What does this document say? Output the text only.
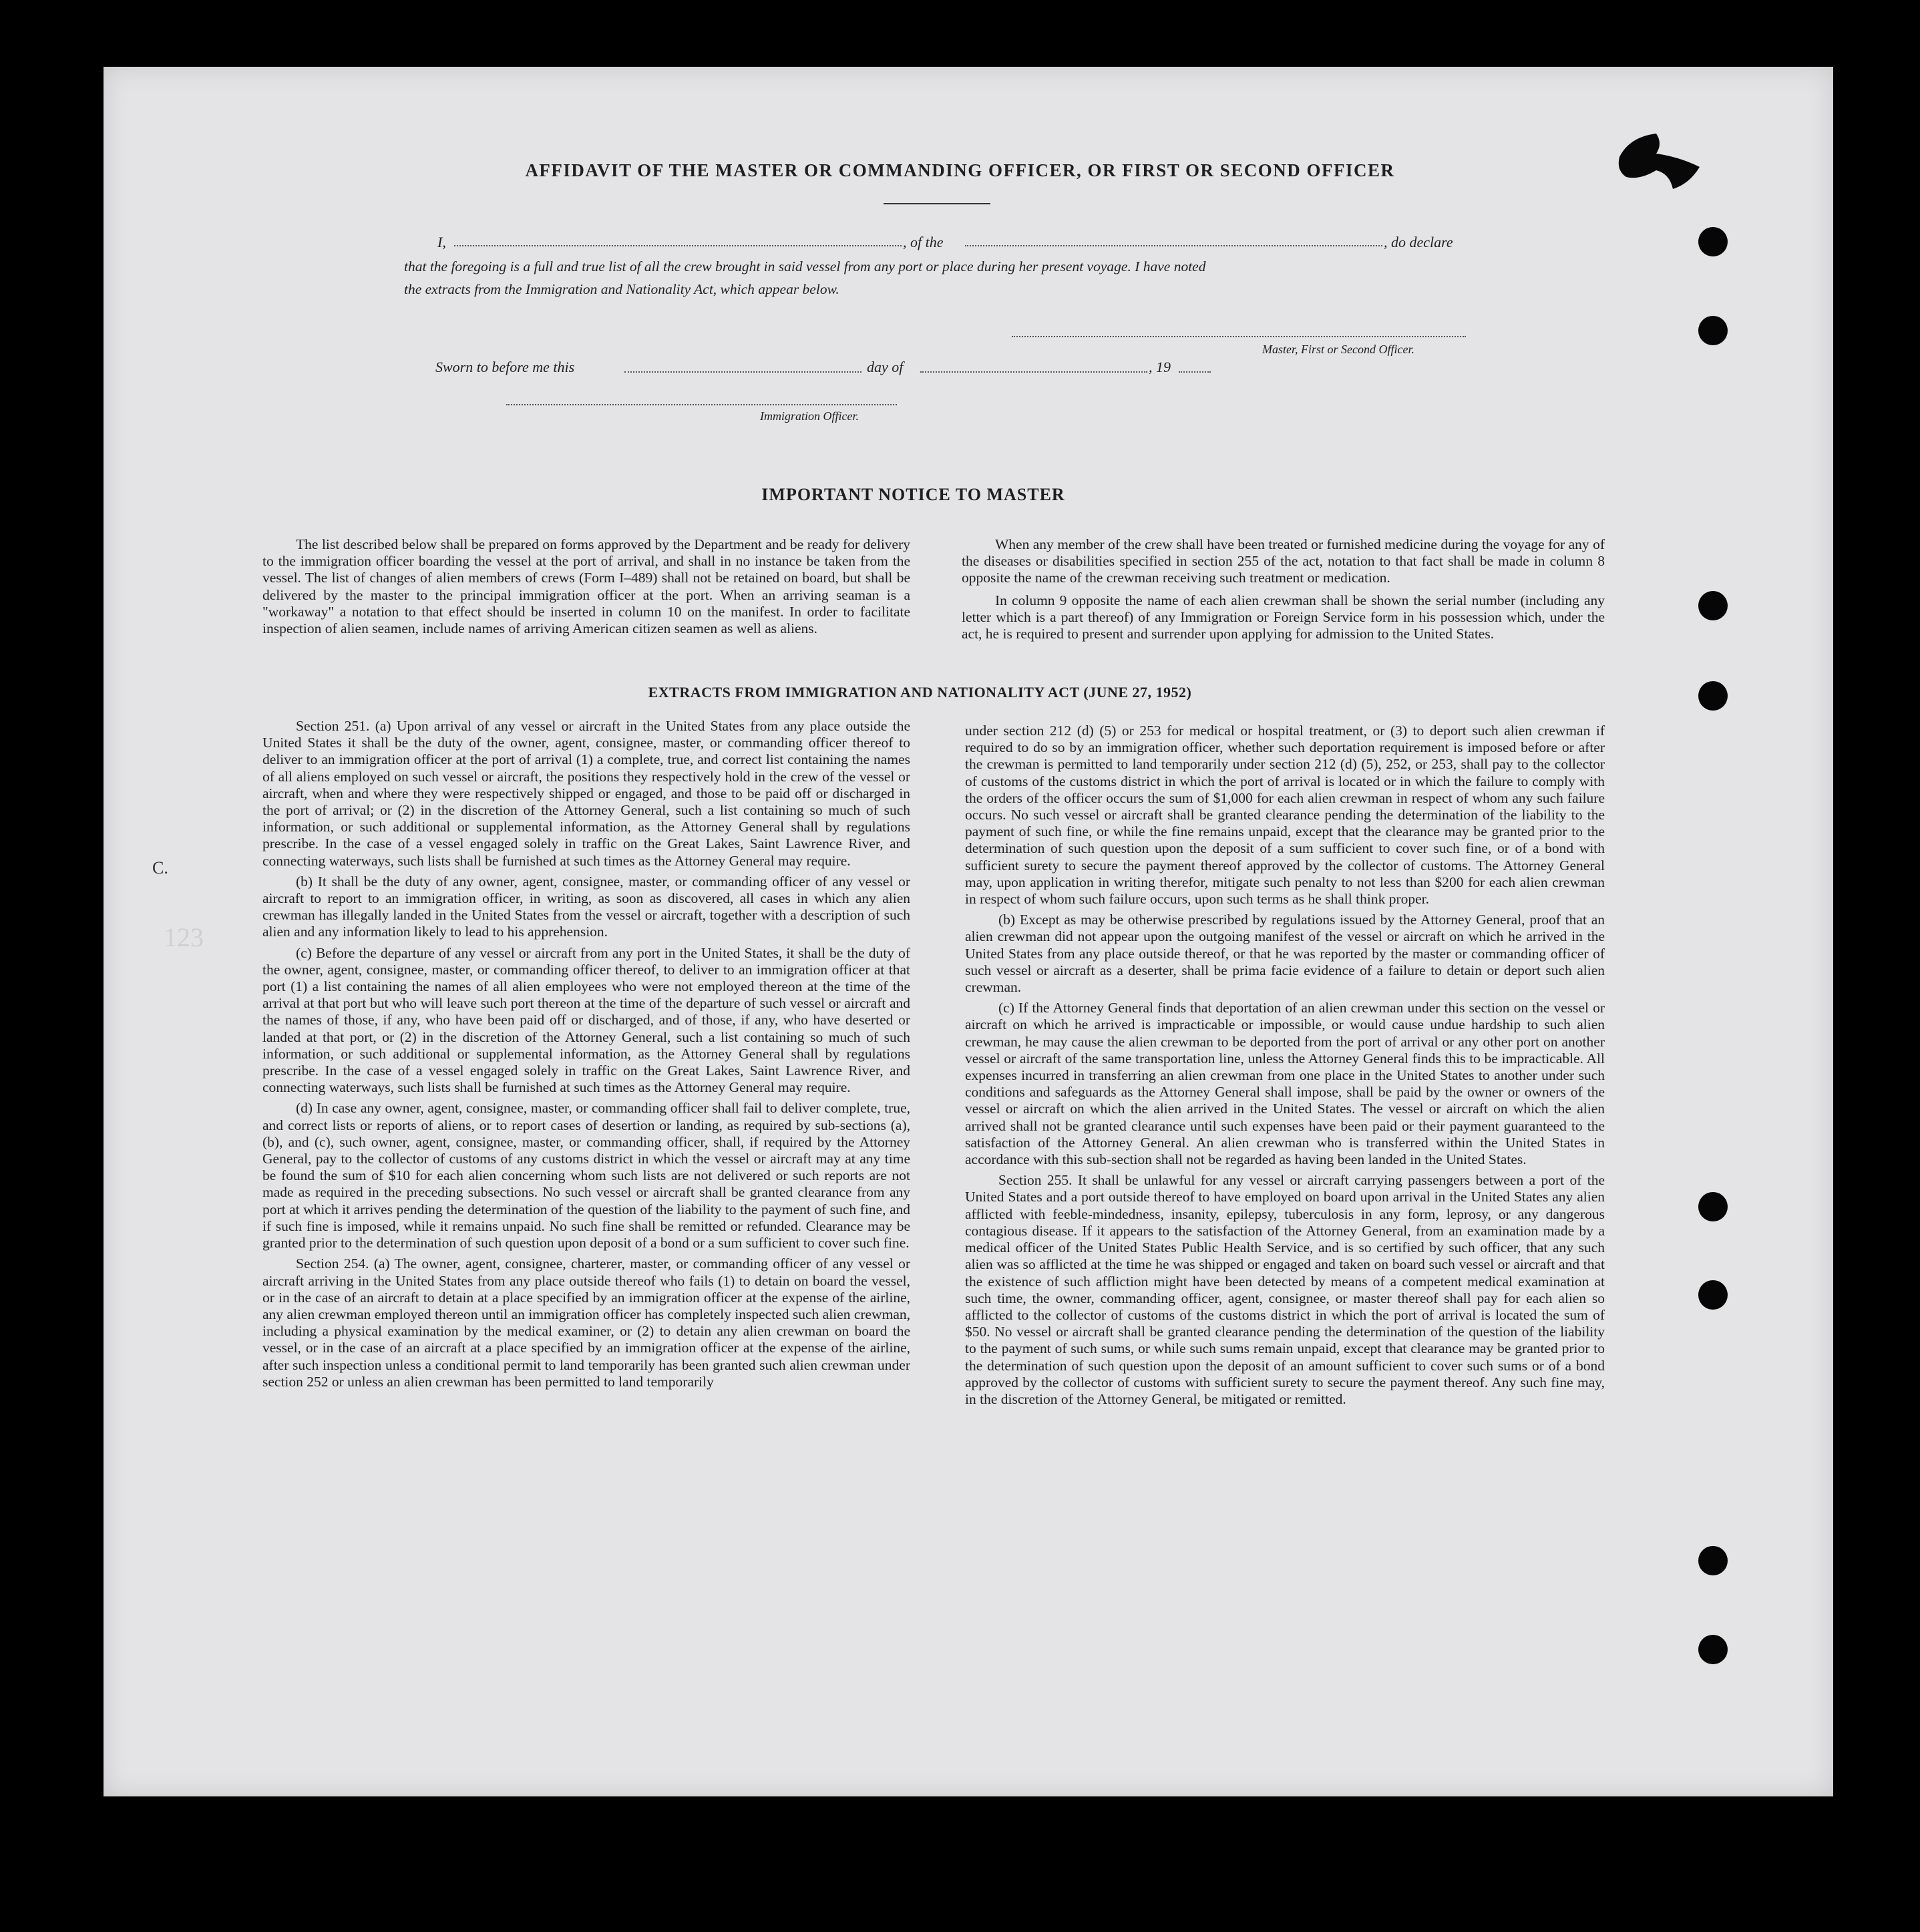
C.
123
AFFIDAVIT OF THE MASTER OR COMMANDING OFFICER, OR FIRST OR SECOND OFFICER
I,	, of the	, do declare
that the foregoing is a full and true list of all the crew brought in said vessel from any port or place during her present voyage. I have noted
the extracts from the Immigration and Nationality Act, which appear below.
Master, First or Second Officer.
Sworn to before me this	day of	, 19
Immigration Officer.
IMPORTANT NOTICE TO MASTER

The list described below shall be prepared on forms approved by the Department and be ready for delivery to the immigration officer boarding the vessel at the port of arrival, and shall in no instance be taken from the vessel. The list of changes of alien members of crews (Form I–489) shall not be retained on board, but shall be delivered by the master to the principal immigration officer at the port. When an arriving seaman is a "workaway" a notation to that effect should be inserted in column 10 on the manifest. In order to facilitate inspection of alien seamen, include names of arriving American citizen seamen as well as aliens.

When any member of the crew shall have been treated or furnished medicine during the voyage for any of the diseases or disabilities specified in section 255 of the act, notation to that fact shall be made in column 8 opposite the name of the crewman receiving such treatment or medication.

In column 9 opposite the name of each alien crewman shall be shown the serial number (including any letter which is a part thereof) of any Immigration or Foreign Service form in his possession which, under the act, he is required to present and surrender upon applying for admission to the United States.

EXTRACTS FROM IMMIGRATION AND NATIONALITY ACT (JUNE 27, 1952)

Section 251. (a) Upon arrival of any vessel or aircraft in the United States from any place outside the United States it shall be the duty of the owner, agent, consignee, master, or commanding officer thereof to deliver to an immigration officer at the port of arrival (1) a complete, true, and correct list containing the names of all aliens employed on such vessel or aircraft, the positions they respectively hold in the crew of the vessel or aircraft, when and where they were respectively shipped or engaged, and those to be paid off or discharged in the port of arrival; or (2) in the discretion of the Attorney General, such a list containing so much of such information, or such additional or supplemental information, as the Attorney General shall by regulations prescribe. In the case of a vessel engaged solely in traffic on the Great Lakes, Saint Lawrence River, and connecting waterways, such lists shall be furnished at such times as the Attorney General may require.

(b) It shall be the duty of any owner, agent, consignee, master, or commanding officer of any vessel or aircraft to report to an immigration officer, in writing, as soon as discovered, all cases in which any alien crewman has illegally landed in the United States from the vessel or aircraft, together with a description of such alien and any information likely to lead to his apprehension.

(c) Before the departure of any vessel or aircraft from any port in the United States, it shall be the duty of the owner, agent, consignee, master, or commanding officer thereof, to deliver to an immigration officer at that port (1) a list containing the names of all alien employees who were not employed thereon at the time of the arrival at that port but who will leave such port thereon at the time of the departure of such vessel or aircraft and the names of those, if any, who have been paid off or discharged, and of those, if any, who have deserted or landed at that port, or (2) in the discretion of the Attorney General, such a list containing so much of such information, or such additional or supplemental information, as the Attorney General shall by regulations prescribe. In the case of a vessel engaged solely in traffic on the Great Lakes, Saint Lawrence River, and connecting waterways, such lists shall be furnished at such times as the Attorney General may require.

(d) In case any owner, agent, consignee, master, or commanding officer shall fail to deliver complete, true, and correct lists or reports of aliens, or to report cases of desertion or landing, as required by sub-sections (a), (b), and (c), such owner, agent, consignee, master, or commanding officer, shall, if required by the Attorney General, pay to the collector of customs of any customs district in which the vessel or aircraft may at any time be found the sum of $10 for each alien concerning whom such lists are not delivered or such reports are not made as required in the preceding subsections. No such vessel or aircraft shall be granted clearance from any port at which it arrives pending the determination of the question of the liability to the payment of such fine, and if such fine is imposed, while it remains unpaid. No such fine shall be remitted or refunded. Clearance may be granted prior to the determination of such question upon deposit of a bond or a sum sufficient to cover such fine.

Section 254. (a) The owner, agent, consignee, charterer, master, or commanding officer of any vessel or aircraft arriving in the United States from any place outside thereof who fails (1) to detain on board the vessel, or in the case of an aircraft to detain at a place specified by an immigration officer at the expense of the airline, any alien crewman employed thereon until an immigration officer has completely inspected such alien crewman, including a physical examination by the medical examiner, or (2) to detain any alien crewman on board the vessel, or in the case of an aircraft at a place specified by an immigration officer at the expense of the airline, after such inspection unless a conditional permit to land temporarily has been granted such alien crewman under section 252 or unless an alien crewman has been permitted to land temporarily

under section 212 (d) (5) or 253 for medical or hospital treatment, or (3) to deport such alien crewman if required to do so by an immigration officer, whether such deportation requirement is imposed before or after the crewman is permitted to land temporarily under section 212 (d) (5), 252, or 253, shall pay to the collector of customs of the customs district in which the port of arrival is located or in which the failure to comply with the orders of the officer occurs the sum of $1,000 for each alien crewman in respect of whom any such failure occurs. No such vessel or aircraft shall be granted clearance pending the determination of the liability to the payment of such fine, or while the fine remains unpaid, except that the clearance may be granted prior to the determination of such question upon the deposit of a sum sufficient to cover such fine, or of a bond with sufficient surety to secure the payment thereof approved by the collector of customs. The Attorney General may, upon application in writing therefor, mitigate such penalty to not less than $200 for each alien crewman in respect of whom such failure occurs, upon such terms as he shall think proper.

(b) Except as may be otherwise prescribed by regulations issued by the Attorney General, proof that an alien crewman did not appear upon the outgoing manifest of the vessel or aircraft on which he arrived in the United States from any place outside thereof, or that he was reported by the master or commanding officer of such vessel or aircraft as a deserter, shall be prima facie evidence of a failure to detain or deport such alien crewman.

(c) If the Attorney General finds that deportation of an alien crewman under this section on the vessel or aircraft on which he arrived is impracticable or impossible, or would cause undue hardship to such alien crewman, he may cause the alien crewman to be deported from the port of arrival or any other port on another vessel or aircraft of the same transportation line, unless the Attorney General finds this to be impracticable. All expenses incurred in transferring an alien crewman from one place in the United States to another under such conditions and safeguards as the Attorney General shall impose, shall be paid by the owner or owners of the vessel or aircraft on which the alien arrived in the United States. The vessel or aircraft on which the alien arrived shall not be granted clearance until such expenses have been paid or their payment guaranteed to the satisfaction of the Attorney General. An alien crewman who is transferred within the United States in accordance with this sub-section shall not be regarded as having been landed in the United States.

Section 255. It shall be unlawful for any vessel or aircraft carrying passengers between a port of the United States and a port outside thereof to have employed on board upon arrival in the United States any alien afflicted with feeble-mindedness, insanity, epilepsy, tuberculosis in any form, leprosy, or any dangerous contagious disease. If it appears to the satisfaction of the Attorney General, from an examination made by a medical officer of the United States Public Health Service, and is so certified by such officer, that any such alien was so afflicted at the time he was shipped or engaged and taken on board such vessel or aircraft and that the existence of such affliction might have been detected by means of a competent medical examination at such time, the owner, commanding officer, agent, consignee, or master thereof shall pay for each alien so afflicted to the collector of customs of the customs district in which the port of arrival is located the sum of $50. No vessel or aircraft shall be granted clearance pending the determination of the question of the liability to the payment of such sums, or while such sums remain unpaid, except that clearance may be granted prior to the determination of such question upon the deposit of an amount sufficient to cover such sums or of a bond approved by the collector of customs with sufficient surety to secure the payment thereof. Any such fine may, in the discretion of the Attorney General, be mitigated or remitted.
